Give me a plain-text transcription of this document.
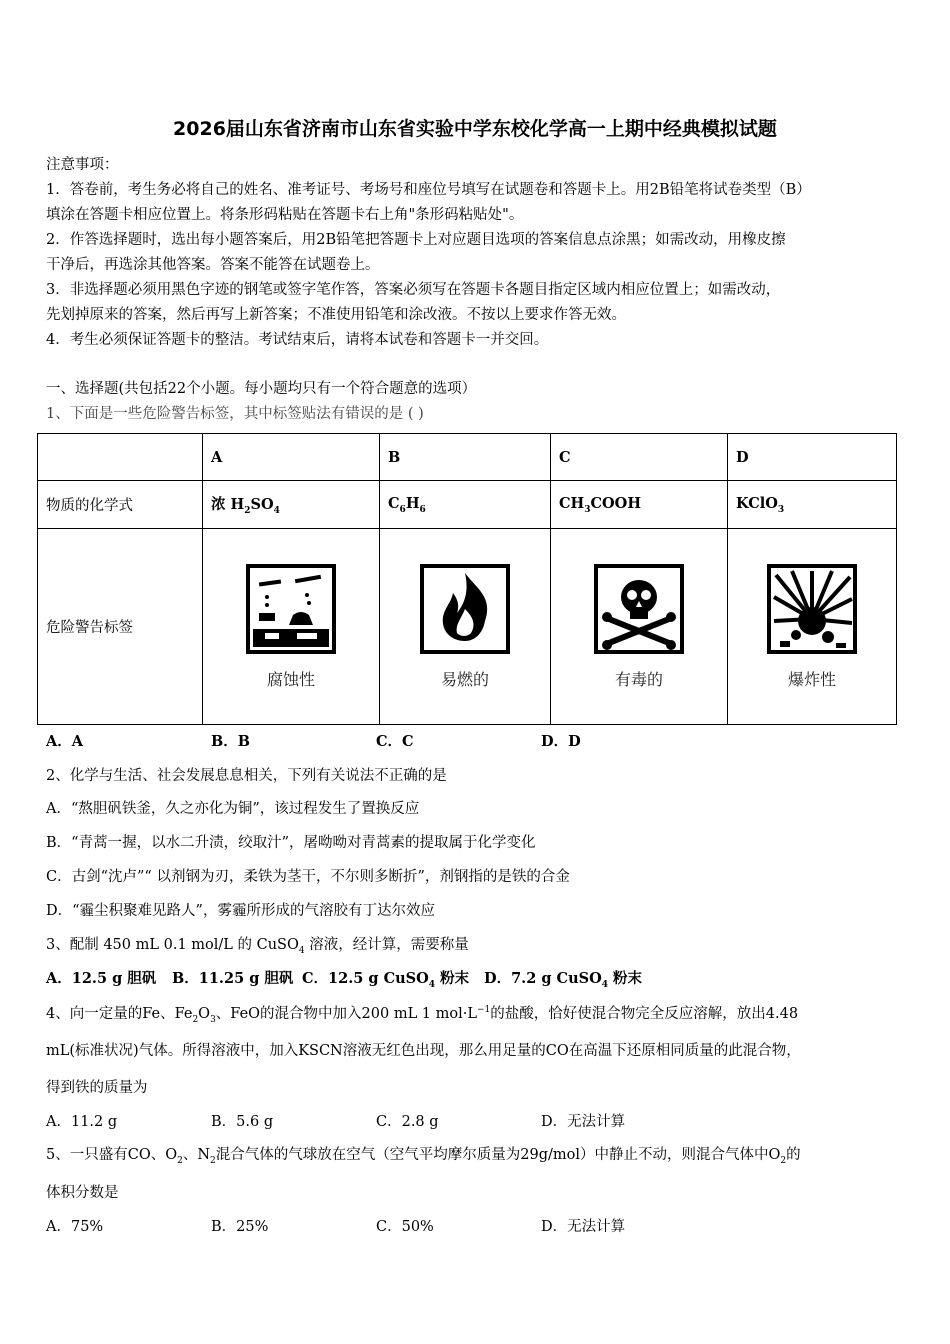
2026届山东省济南市山东省实验中学东校化学高一上期中经典模拟试题
注意事项：
1．答卷前，考生务必将自己的姓名、准考证号、考场号和座位号填写在试题卷和答题卡上。用2B铅笔将试卷类型（B）
填涂在答题卡相应位置上。将条形码粘贴在答题卡右上角"条形码粘贴处"。
2．作答选择题时，选出每小题答案后，用2B铅笔把答题卡上对应题目选项的答案信息点涂黑；如需改动，用橡皮擦
干净后，再选涂其他答案。答案不能答在试题卷上。
3．非选择题必须用黑色字迹的钢笔或签字笔作答，答案必须写在答题卡各题目指定区域内相应位置上；如需改动，
先划掉原来的答案，然后再写上新答案；不准使用铅笔和涂改液。不按以上要求作答无效。
4．考生必须保证答题卡的整洁。考试结束后，请将本试卷和答题卡一并交回。
一、选择题(共包括22个小题。每小题均只有一个符合题意的选项）
1、下面是一些危险警告标签，其中标签贴法有错误的是 ( )
	A	B	C	D
物质的化学式	浓 $H_2SO_4$	$C_6H_6$	$CH_3COOH$	KClO$_3$
危险警告标签	腐蚀性	易燃的	有毒的	爆炸性
A．A	B．B	C．C	D．D
2、化学与生活、社会发展息息相关，下列有关说法不正确的是
A．“熬胆矾铁釜，久之亦化为铜”，该过程发生了置换反应
B．“青蒿一握，以水二升渍，绞取汁”，屠呦呦对青蒿素的提取属于化学变化
C．古剑“沈卢”“ 以剂钢为刃，柔铁为茎干，不尔则多断折”，剂钢指的是铁的合金
D．“霾尘积聚难见路人”，雾霾所形成的气溶胶有丁达尔效应
3、配制 450 mL 0.1 mol/L 的 CuSO$_4$ 溶液，经计算，需要称量
A．12.5 g 胆矾 B．11.25 g 胆矾 C．12.5 g CuSO$_4$ 粉末 D．7.2 g CuSO$_4$ 粉末
4、向一定量的Fe、$Fe_2O_3$、FeO的混合物中加入200 mL 1 $mol\cdot L^{-1}$的盐酸，恰好使混合物完全反应溶解，放出4.48
mL(标准状况)气体。所得溶液中，加入KSCN溶液无红色出现，那么用足量的CO在高温下还原相同质量的此混合物，
得到铁的质量为
A．11.2 g	B．5.6 g	C．2.8 g	D．无法计算
5、一只盛有CO、$O_2$、$N_2$混合气体的气球放在空气（空气平均摩尔质量为29g/mol）中静止不动，则混合气体中$O_2$的
体积分数是
A．75%	B．25%	C．50%	D．无法计算
